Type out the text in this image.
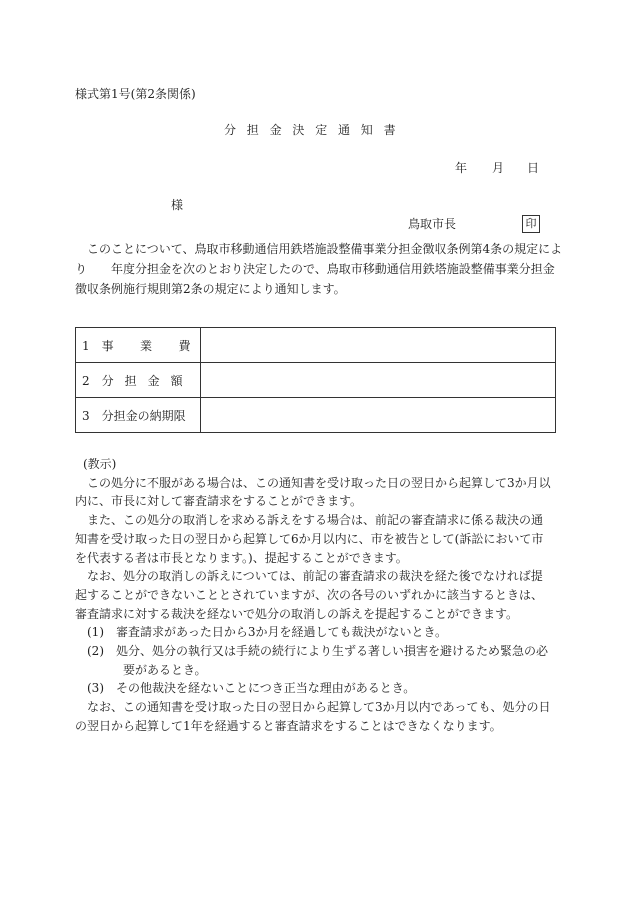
様式第1号(第2条関係)
分担金決定通知書
年 月 日
様
鳥取市長	印
このことについて、鳥取市移動通信用鉄塔施設整備事業分担金徴収条例第4条の規定によ
り　　年度分担金を次のとおり決定したので、鳥取市移動通信用鉄塔施設整備事業分担金
徴収条例施行規則第2条の規定により通知します。
1 事　業　費	
2 分 担 金 額	
3 分担金の納期限	
(教示)
この処分に不服がある場合は、この通知書を受け取った日の翌日から起算して3か月以
内に、市長に対して審査請求をすることができます。
また、この処分の取消しを求める訴えをする場合は、前記の審査請求に係る裁決の通
知書を受け取った日の翌日から起算して6か月以内に、市を被告として(訴訟において市
を代表する者は市長となります。)、提起することができます。
なお、処分の取消しの訴えについては、前記の審査請求の裁決を経た後でなければ提
起することができないこととされていますが、次の各号のいずれかに該当するときは、
審査請求に対する裁決を経ないで処分の取消しの訴えを提起することができます。
(1)　審査請求があった日から3か月を経過しても裁決がないとき。
(2)　処分、処分の執行又は手続の続行により生ずる著しい損害を避けるため緊急の必
要があるとき。
(3)　その他裁決を経ないことにつき正当な理由があるとき。
なお、この通知書を受け取った日の翌日から起算して3か月以内であっても、処分の日
の翌日から起算して1年を経過すると審査請求をすることはできなくなります。
